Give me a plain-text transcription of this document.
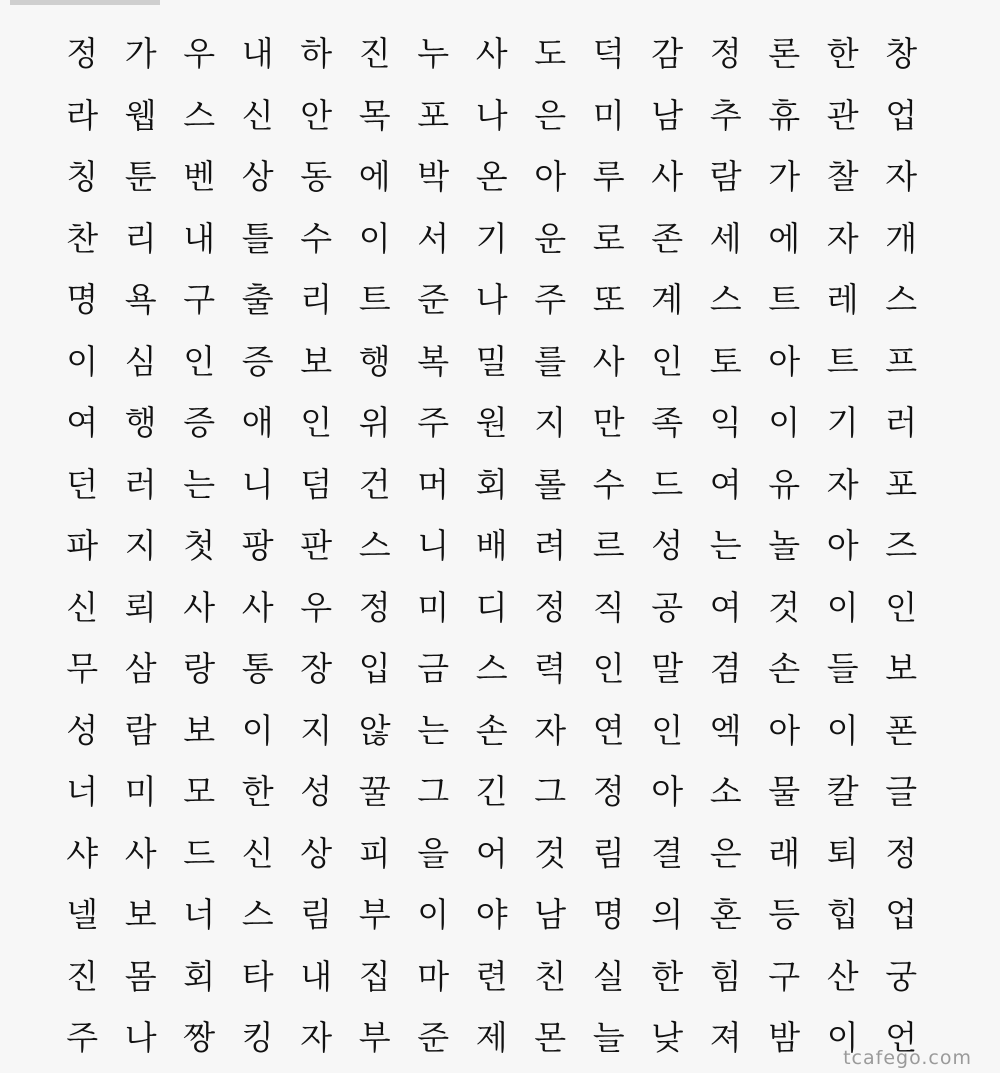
정 가 우 내 하 진 누 사 도 덕 감 정 론 한 창
라 웹 스 신 안 목 포 나 은 미 남 추 휴 관 업
칭 툰 벤 상 동 에 박 온 아 루 사 람 가 찰 자
찬 리 내 틀 수 이 서 기 운 로 존 세 에 자 개
명 욕 구 출 리 트 준 나 주 또 계 스 트 레 스
이 심 인 증 보 행 복 밀 를 사 인 토 아 트 프
여 행 증 애 인 위 주 원 지 만 족 익 이 기 러
던 러 는 니 덤 건 머 회 롤 수 드 여 유 자 포
파 지 첫 팡 판 스 니 배 려 르 성 는 놀 아 즈
신 뢰 사 사 우 정 미 디 정 직 공 여 것 이 인
무 삼 랑 통 장 입 금 스 력 인 말 겸 손 들 보
성 람 보 이 지 않 는 손 자 연 인 엑 아 이 폰
너 미 모 한 성 꿀 그 긴 그 정 아 소 물 칼 글
샤 사 드 신 상 피 을 어 것 림 결 은 래 퇴 정
넬 보 너 스 림 부 이 야 남 명 의 혼 등 힙 업
진 몸 회 타 내 집 마 련 친 실 한 힘 구 산 궁
주 나 짱 킹 자 부 준 제 몬 늘 낮 져 밤 이 언
tcafego.com
